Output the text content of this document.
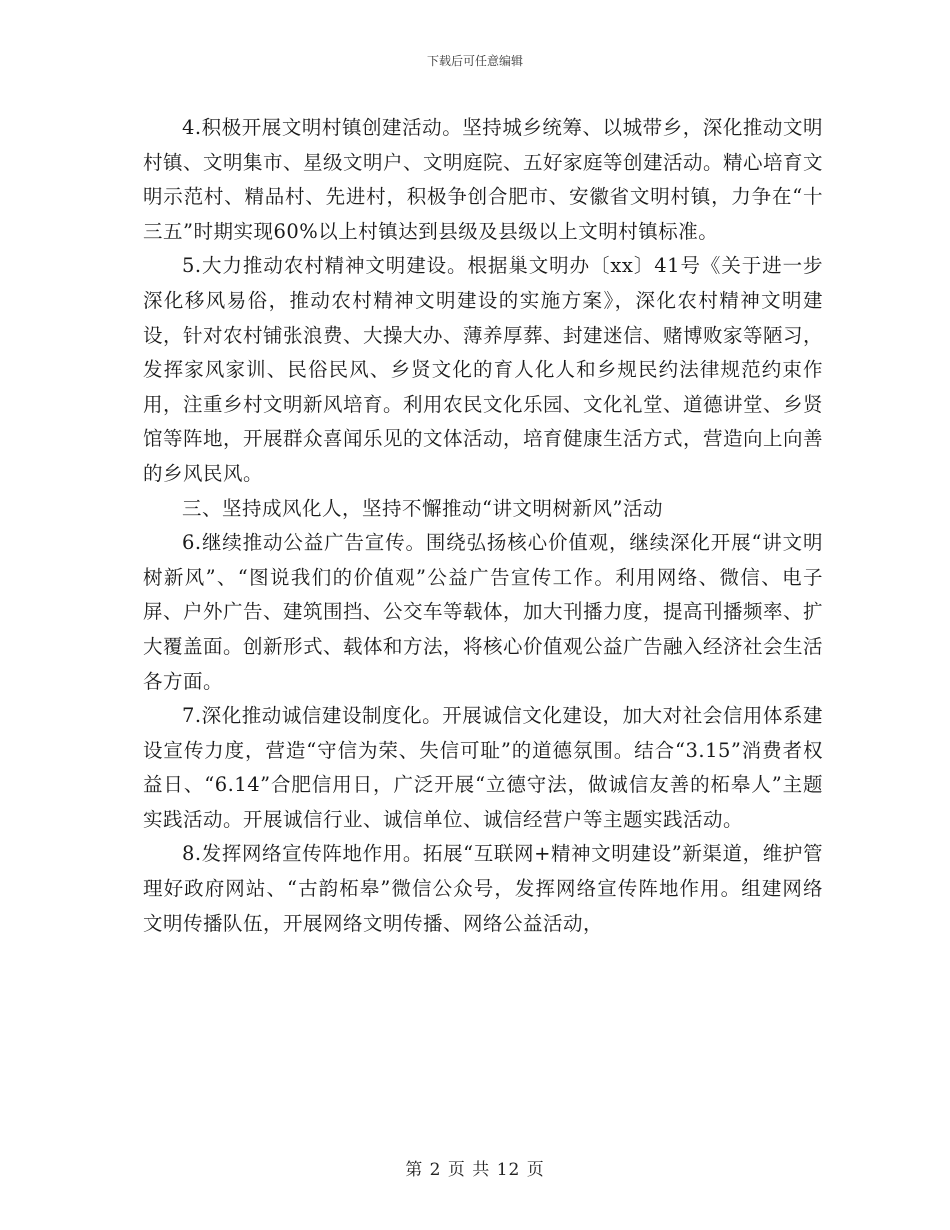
下载后可任意编辑

4.积极开展文明村镇创建活动。坚持城乡统筹、以城带乡，深化推动文明村镇、文明集市、星级文明户、文明庭院、五好家庭等创建活动。精心培育文明示范村、精品村、先进村，积极争创合肥市、安徽省文明村镇，力争在“十三五”时期实现60%以上村镇达到县级及县级以上文明村镇标准。

5.大力推动农村精神文明建设。根据巢文明办〔xx〕41号《关于进一步深化移风易俗，推动农村精神文明建设的实施方案》，深化农村精神文明建设，针对农村铺张浪费、大操大办、薄养厚葬、封建迷信、赌博败家等陋习，发挥家风家训、民俗民风、乡贤文化的育人化人和乡规民约法律规范约束作用，注重乡村文明新风培育。利用农民文化乐园、文化礼堂、道德讲堂、乡贤馆等阵地，开展群众喜闻乐见的文体活动，培育健康生活方式，营造向上向善的乡风民风。

三、坚持成风化人，坚持不懈推动“讲文明树新风”活动

6.继续推动公益广告宣传。围绕弘扬核心价值观，继续深化开展“讲文明树新风”、“图说我们的价值观”公益广告宣传工作。利用网络、微信、电子屏、户外广告、建筑围挡、公交车等载体，加大刊播力度，提高刊播频率、扩大覆盖面。创新形式、载体和方法，将核心价值观公益广告融入经济社会生活各方面。

7.深化推动诚信建设制度化。开展诚信文化建设，加大对社会信用体系建设宣传力度，营造“守信为荣、失信可耻”的道德氛围。结合“3.15”消费者权益日、“6.14”合肥信用日，广泛开展“立德守法，做诚信友善的柘皋人”主题实践活动。开展诚信行业、诚信单位、诚信经营户等主题实践活动。

8.发挥网络宣传阵地作用。拓展“互联网+精神文明建设”新渠道，维护管理好政府网站、“古韵柘皋”微信公众号，发挥网络宣传阵地作用。组建网络文明传播队伍，开展网络文明传播、网络公益活动，

第 2 页 共 12 页
